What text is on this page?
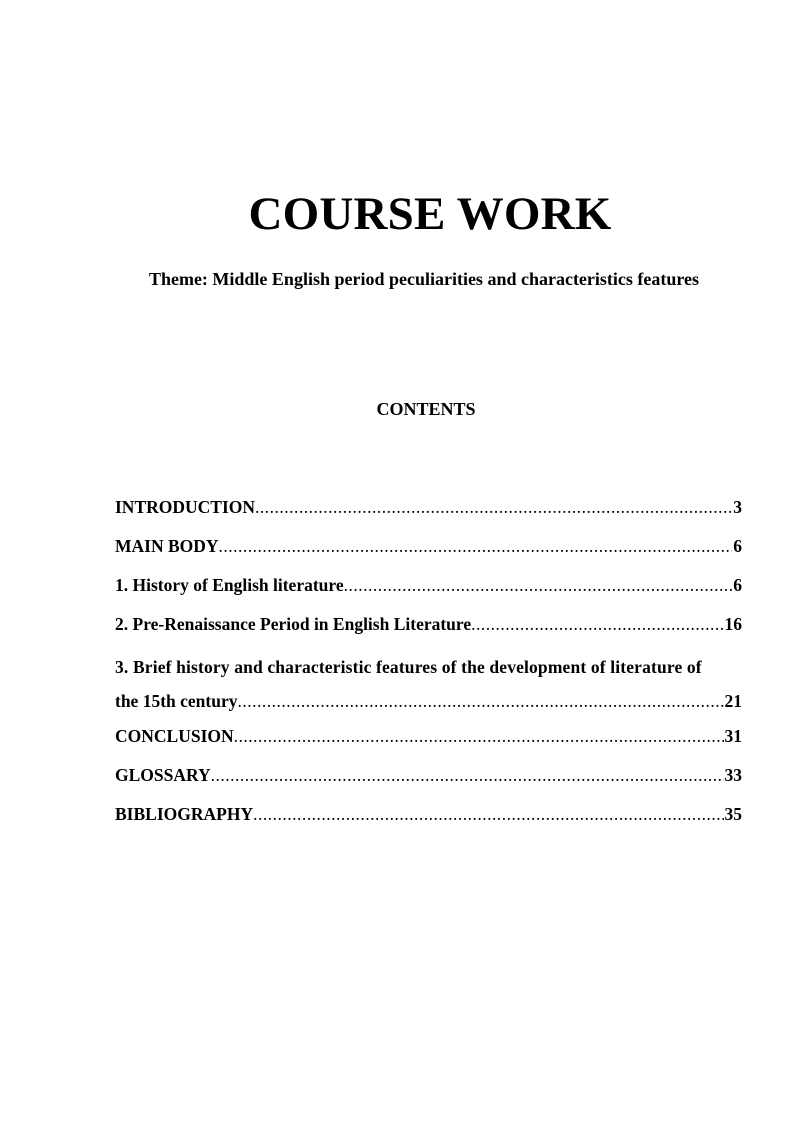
COURSE WORK
Theme: Middle English period peculiarities and characteristics features
CONTENTS
INTRODUCTION .....	3
MAIN BODY .....	6
1. History of English literature .....	6
2. Pre-Renaissance Period in English Literature .....	16
3. Brief history and characteristic features of the development of literature of
the 15th century .....	21
CONCLUSION .....	31
GLOSSARY .....	33
BIBLIOGRAPHY .....	35
